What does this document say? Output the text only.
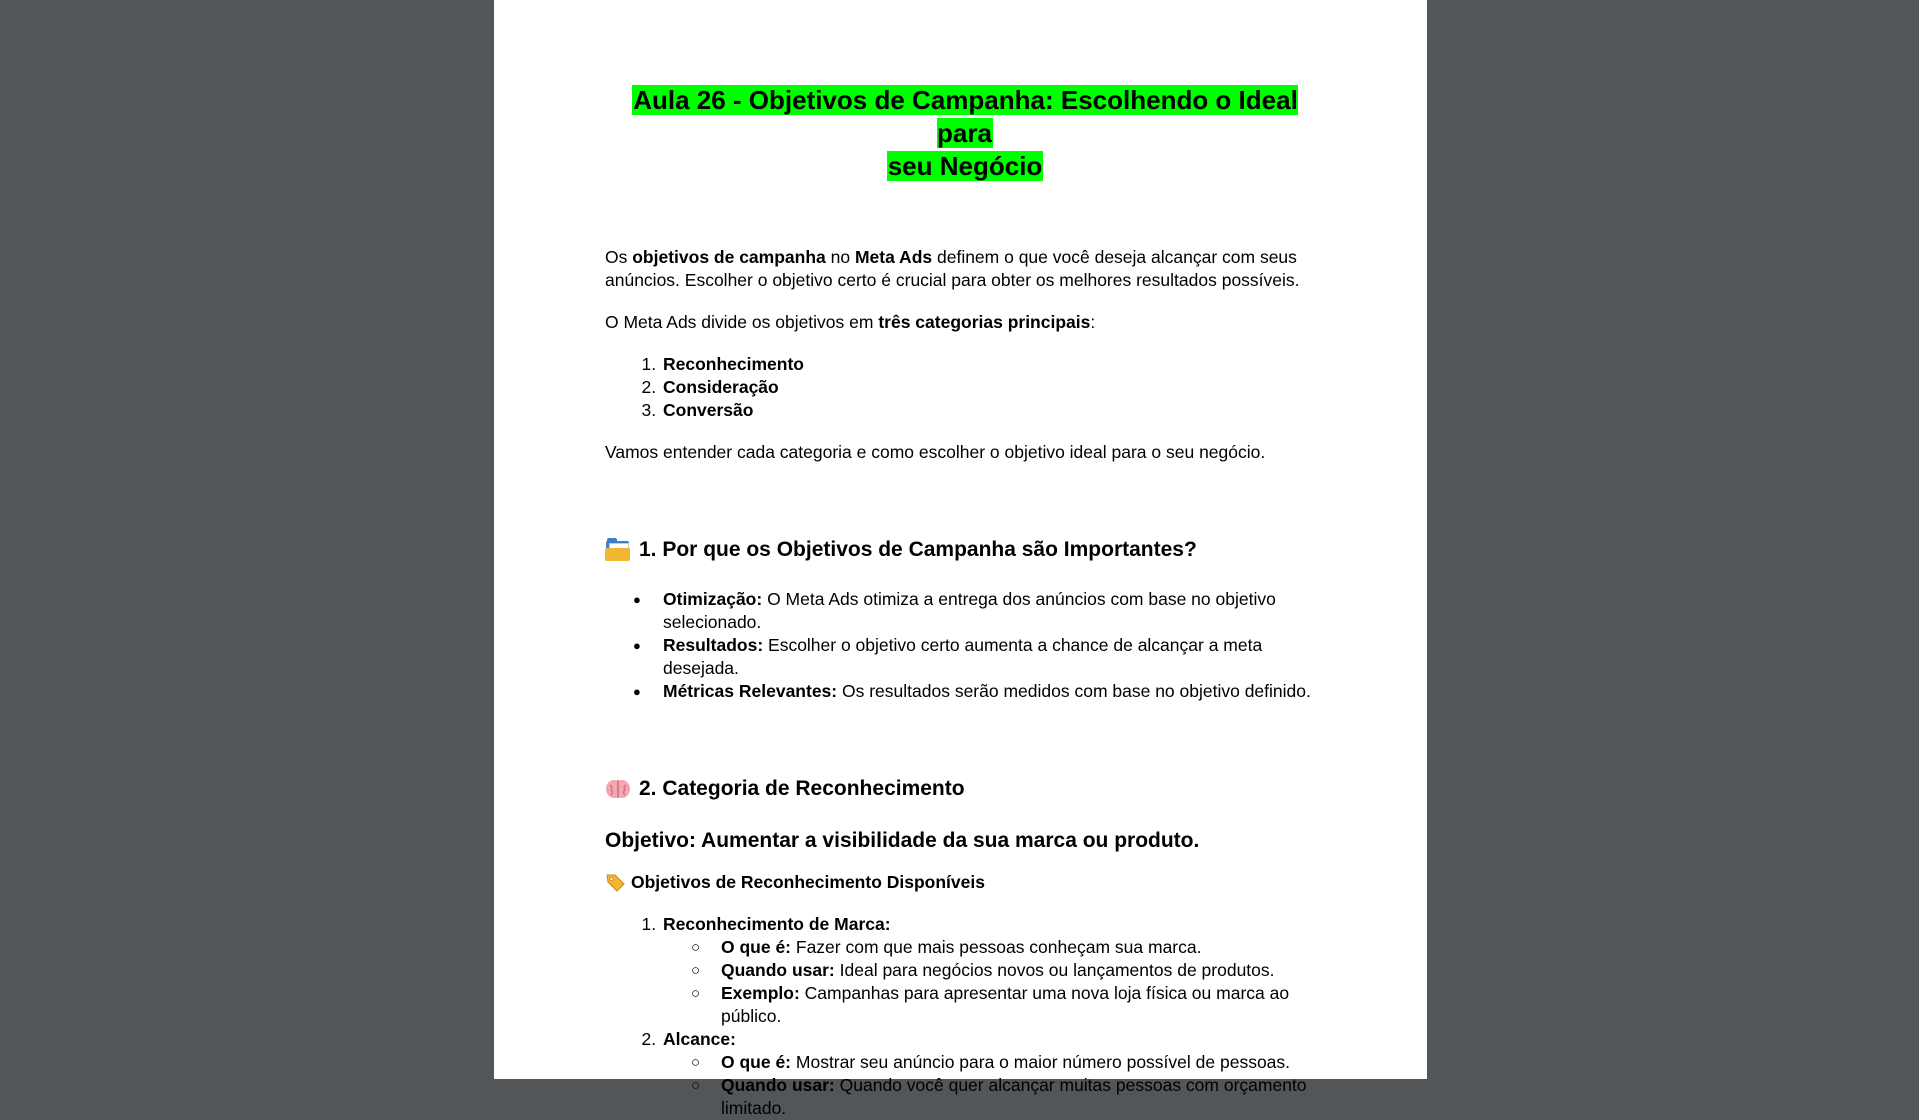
Aula 26 - Objetivos de Campanha: Escolhendo o Ideal para
seu Negócio

Os objetivos de campanha no Meta Ads definem o que você deseja alcançar com seus anúncios. Escolher o objetivo certo é crucial para obter os melhores resultados possíveis.

O Meta Ads divide os objetivos em três categorias principais:

1. Reconhecimento
2. Consideração
3. Conversão

Vamos entender cada categoria e como escolher o objetivo ideal para o seu negócio.

1. Por que os Objetivos de Campanha são Importantes?
● Otimização: O Meta Ads otimiza a entrega dos anúncios com base no objetivo selecionado.
● Resultados: Escolher o objetivo certo aumenta a chance de alcançar a meta desejada.
● Métricas Relevantes: Os resultados serão medidos com base no objetivo definido.
2. Categoria de Reconhecimento
Objetivo: Aumentar a visibilidade da sua marca ou produto.
Objetivos de Reconhecimento Disponíveis
1. Reconhecimento de Marca:
○ O que é: Fazer com que mais pessoas conheçam sua marca.
○ Quando usar: Ideal para negócios novos ou lançamentos de produtos.
○ Exemplo: Campanhas para apresentar uma nova loja física ou marca ao público.
2. Alcance:
○ O que é: Mostrar seu anúncio para o maior número possível de pessoas.
○ Quando usar: Quando você quer alcançar muitas pessoas com orçamento limitado.
